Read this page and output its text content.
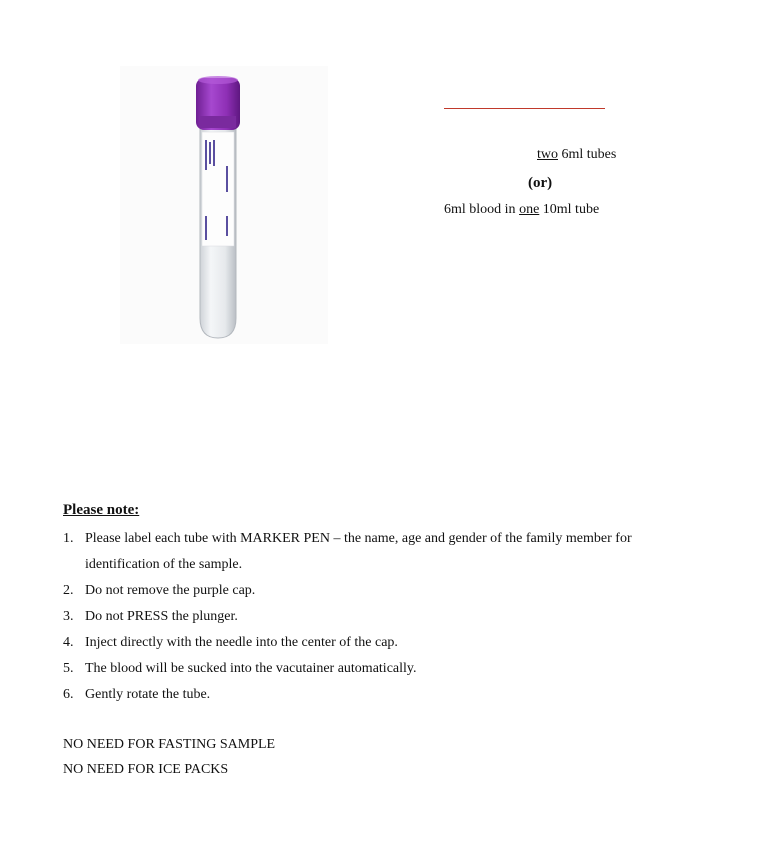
two 6ml tubes
(or)
6ml blood in one 10ml tube
Please note:
1. Please label each tube with MARKER PEN – the name, age and gender of the family member for identification of the sample.
2. Do not remove the purple cap.
3. Do not PRESS the plunger.
4. Inject directly with the needle into the center of the cap.
5. The blood will be sucked into the vacutainer automatically.
6. Gently rotate the tube.
NO NEED FOR FASTING SAMPLE
NO NEED FOR ICE PACKS
